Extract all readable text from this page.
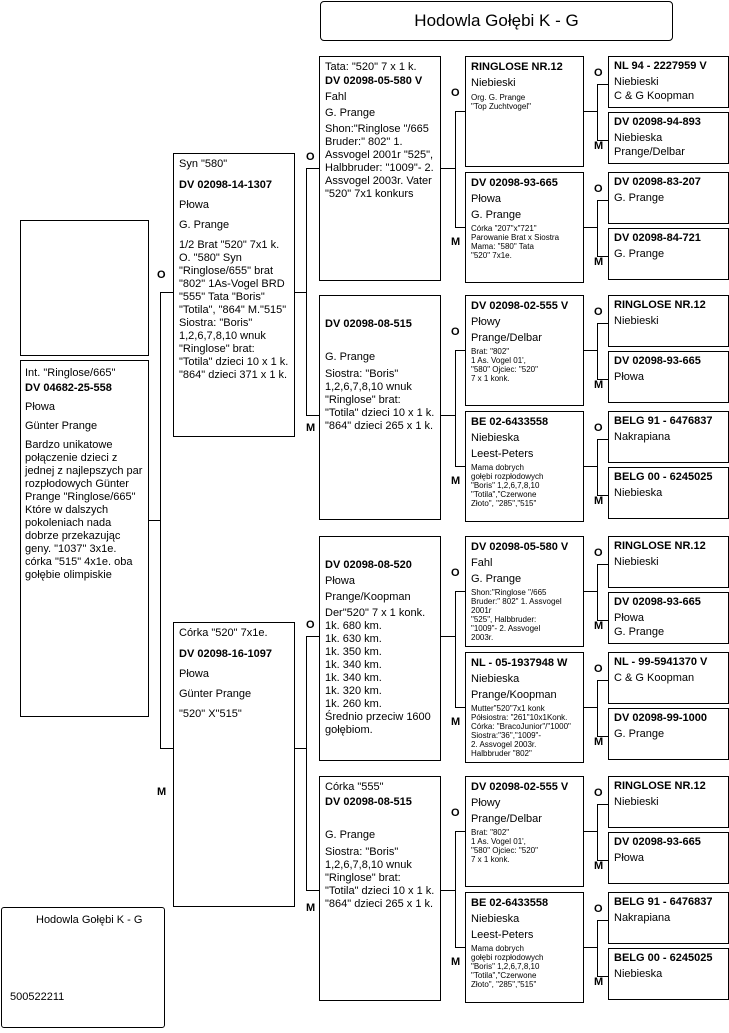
Hodowla Gołębi K - G
Int. "Ringlose/665"
DV 04682-25-558
Płowa
Günter Prange
Bardzo unikatowe połączenie dzieci z jednej z najlepszych par rozpłodowych Günter Prange "Ringlose/665" Które w dalszych pokoleniach nada dobrze przekazując geny. "1037" 3x1e. córka "515" 4x1e. oba gołębie olimpiskie
Hodowla Gołębi K - G
500522211
O
M
Syn "580"
DV 02098-14-1307
Płowa
G. Prange
1/2 Brat "520" 7x1 k. O. "580" Syn "Ringlose/655" brat "802" 1As-Vogel BRD "555" Tata "Boris" "Totila", "864" M."515" Siostra: "Boris" 1,2,6,7,8,10 wnuk "Ringlose" brat: "Totila" dzieci 10 x 1 k. "864" dzieci 371 x 1 k.
Córka "520" 7x1e.
DV 02098-16-1097
Płowa
Günter Prange
"520" X"515"
O
M
O
M
Tata: "520" 7 x 1 k.
DV 02098-05-580 V
Fahl
G. Prange
Shon:"Ringlose "/665 Bruder:" 802" 1. Assvogel 2001r "525", Halbbruder: "1009"- 2. Assvogel 2003r. Vater "520" 7x1 konkurs
DV 02098-08-515
G. Prange
Siostra: "Boris" 1,2,6,7,8,10 wnuk "Ringlose" brat: "Totila" dzieci 10 x 1 k. "864" dzieci 265 x 1 k.
DV 02098-08-520
Płowa
Prange/Koopman
Der"520" 7 x 1 konk.
1k. 680 km.
1k. 630 km.
1k. 350 km.
1k. 340 km.
1k. 340 km.
1k. 320 km.
1k. 260 km.
Średnio przeciw 1600 gołębiom.
Córka "555"
DV 02098-08-515
G. Prange
Siostra: "Boris" 1,2,6,7,8,10 wnuk "Ringlose" brat: "Totila" dzieci 10 x 1 k. "864" dzieci 265 x 1 k.
O
M
O
M
O
M
O
M
RINGLOSE NR.12
Niebieski
Org. G. Prange
"Top Zuchtvogel"
DV 02098-93-665
Płowa
G. Prange
Córka "207"x"721"
Parowanie Brat x Siostra
Mama: "580" Tata
"520" 7x1e.
DV 02098-02-555 V
Płowy
Prange/Delbar
Brat: "802"
1 As. Vogel 01',
"580" Ojciec: "520"
7 x 1 konk.
BE 02-6433558
Niebieska
Leest-Peters
Mama dobrych
gołębi rozpłodowych
"Boris" 1,2,6,7,8,10
"Totila","Czerwone
Złoto", "285","515"
DV 02098-05-580 V
Fahl
G. Prange
Shon:"Ringlose "/665
Bruder:" 802" 1. Assvogel
2001r
"525", Halbbruder:
"1009"- 2. Assvogel
2003r.
NL - 05-1937948 W
Niebieska
Prange/Koopman
Mutter"520"7x1 konk
Półsiostra: "261"10x1Konk.
Córka: "BracoJunior"/"1000"
Siostra:"36","1009"-
2. Assvogel 2003r.
Halbbruder "802"
DV 02098-02-555 V
Płowy
Prange/Delbar
Brat: "802"
1 As. Vogel 01',
"580" Ojciec: "520"
7 x 1 konk.
BE 02-6433558
Niebieska
Leest-Peters
Mama dobrych
gołębi rozpłodowych
"Boris" 1,2,6,7,8,10
"Totila","Czerwone
Złoto", "285","515"
O
M
NL 94 - 2227959 V
Niebieski
C & G Koopman
DV 02098-94-893
Niebieska
Prange/Delbar
O
M
DV 02098-83-207
G. Prange
DV 02098-84-721
G. Prange
O
M
RINGLOSE NR.12
Niebieski
DV 02098-93-665
Płowa
O
M
BELG 91 - 6476837
Nakrapiana
BELG 00 - 6245025
Niebieska
O
M
RINGLOSE NR.12
Niebieski
DV 02098-93-665
Płowa
G. Prange
O
M
NL - 99-5941370 V
C & G Koopman
DV 02098-99-1000
G. Prange
O
M
RINGLOSE NR.12
Niebieski
DV 02098-93-665
Płowa
O
M
BELG 91 - 6476837
Nakrapiana
BELG 00 - 6245025
Niebieska
